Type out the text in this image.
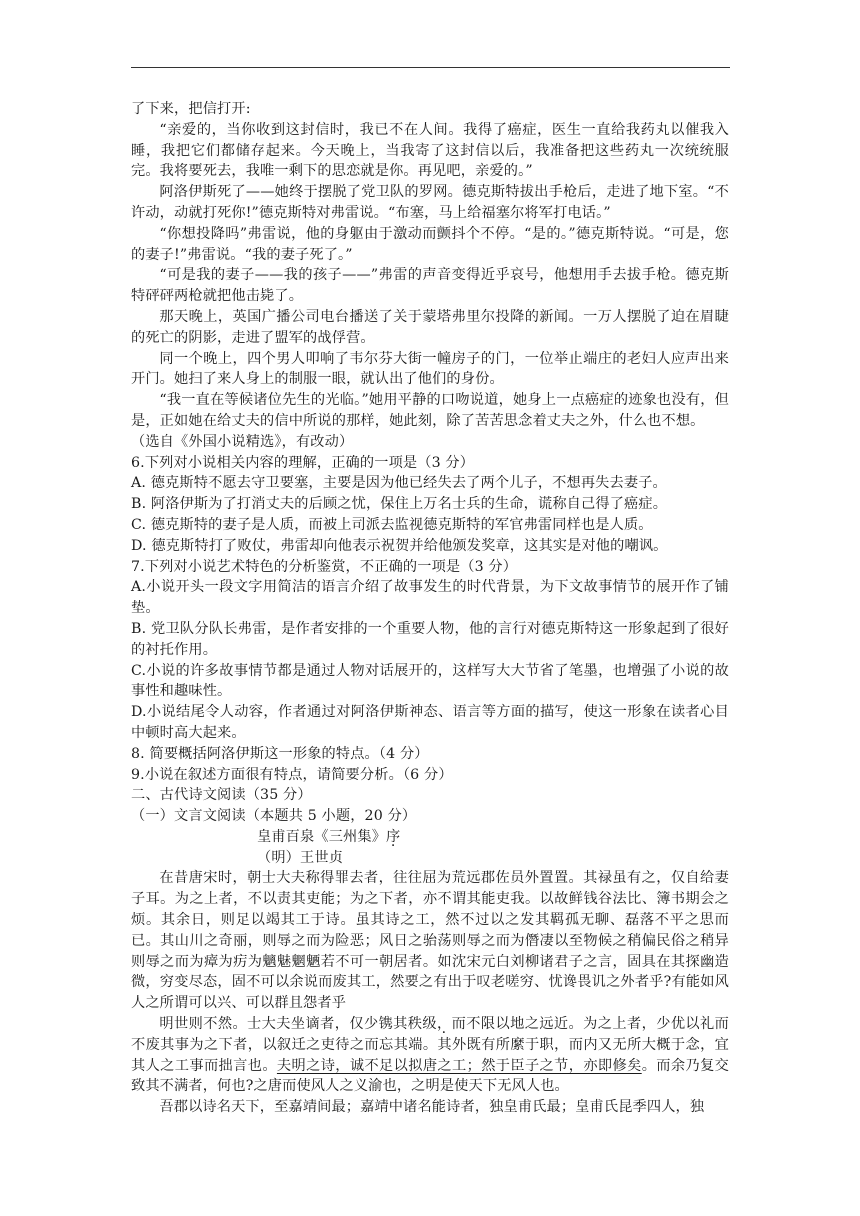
了下来，把信打开:

“亲爱的，当你收到这封信时，我已不在人间。我得了癌症，医生一直给我药丸以催我入睡，我把它们都储存起来。今天晚上，当我寄了这封信以后，我准备把这些药丸一次统统服完。我将要死去，我唯一剩下的思恋就是你。再见吧，亲爱的。”

阿洛伊斯死了——她终于摆脱了党卫队的罗网。德克斯特拔出手枪后，走进了地下室。“不许动，动就打死你!”德克斯特对弗雷说。“布塞，马上给福塞尔将军打电话。”

“你想投降吗”弗雷说，他的身躯由于激动而颤抖个不停。“是的。”德克斯特说。“可是，您的妻子!”弗雷说。“我的妻子死了。”

“可是我的妻子——我的孩子——”弗雷的声音变得近乎哀号，他想用手去拔手枪。德克斯特砰砰两枪就把他击毙了。

那天晚上，英国广播公司电台播送了关于蒙塔弗里尔投降的新闻。一万人摆脱了迫在眉睫的死亡的阴影，走进了盟军的战俘营。

同一个晚上，四个男人叩响了韦尔芬大街一幢房子的门，一位举止端庄的老妇人应声出来开门。她扫了来人身上的制服一眼，就认出了他们的身份。

“我一直在等候诸位先生的光临。”她用平静的口吻说道，她身上一点癌症的迹象也没有，但是，正如她在给丈夫的信中所说的那样，她此刻，除了苦苦思念着丈夫之外，什么也不想。

（选自《外国小说精选》，有改动）

6.下列对小说相关内容的理解，正确的一项是（3 分）

A. 德克斯特不愿去守卫要塞，主要是因为他已经失去了两个儿子，不想再失去妻子。

B. 阿洛伊斯为了打消丈夫的后顾之忧，保住上万名士兵的生命，谎称自己得了癌症。

C. 德克斯特的妻子是人质，而被上司派去监视德克斯特的军官弗雷同样也是人质。

D. 德克斯特打了败仗，弗雷却向他表示祝贺并给他颁发奖章，这其实是对他的嘲讽。

7.下列对小说艺术特色的分析鉴赏，不正确的一项是（3 分）

A.小说开头一段文字用简洁的语言介绍了故事发生的时代背景，为下文故事情节的展开作了铺垫。

B. 党卫队分队长弗雷，是作者安排的一个重要人物，他的言行对德克斯特这一形象起到了很好的衬托作用。

C.小说的许多故事情节都是通过人物对话展开的，这样写大大节省了笔墨，也增强了小说的故事性和趣味性。

D.小说结尾令人动容，作者通过对阿洛伊斯神态、语言等方面的描写，使这一形象在读者心目中顿时高大起来。

8. 简要概括阿洛伊斯这一形象的特点。（4 分）

9.小说在叙述方面很有特点，请简要分析。（6 分）

二、古代诗文阅读（35 分）

（一）文言文阅读（本题共 5 小题，20 分）

皇甫百泉《三州集》序

（明）王世贞

在昔唐宋时，朝士大夫称得罪去者，往往屈为荒远郡佐员外置置。其禄虽有之，仅自给妻子耳。为之上者，不以责其吏能；为之下者，亦不谓其能吏我。以故鲜钱谷法比、簿书期会之烦。其余日，则足以竭其工于诗。虽其诗之工，然不过以之发其羁孤无聊、磊落不平之思而已。其山川之奇丽，则辱之而为险恶；风日之骀荡则辱之而为僭凄以至物候之稍偏民俗之稍异则辱之而为瘴为疠为魑魅魍魉若不可一朝居者。如沈宋元白刘柳诸君子之言，固具在其探幽造微，穷变尽态，固不可以余说而废其工，然要之有出于叹老嗟穷、忧谗畏讥之外者乎?有能如风人之所谓可以兴、可以群且怨者乎

明世则不然。士大夫坐谪者，仅少镌其秩级，而不限以地之远近。为之上者，少优以礼而不废其事为之下者，以叙迁之吏待之而忘其端。其外既有所縻于职，而内又无所大概于念，宜其人之工事而拙言也。夫明之诗，诚不足以拟唐之工；然于臣子之节，亦即修矣。而余乃复交致其不满者，何也?之唐而使风人之义渝也，之明是使天下无风人也。

吾郡以诗名天下，至嘉靖间最；嘉靖中诸名能诗者，独皇甫氏最；皇甫氏昆季四人，独
